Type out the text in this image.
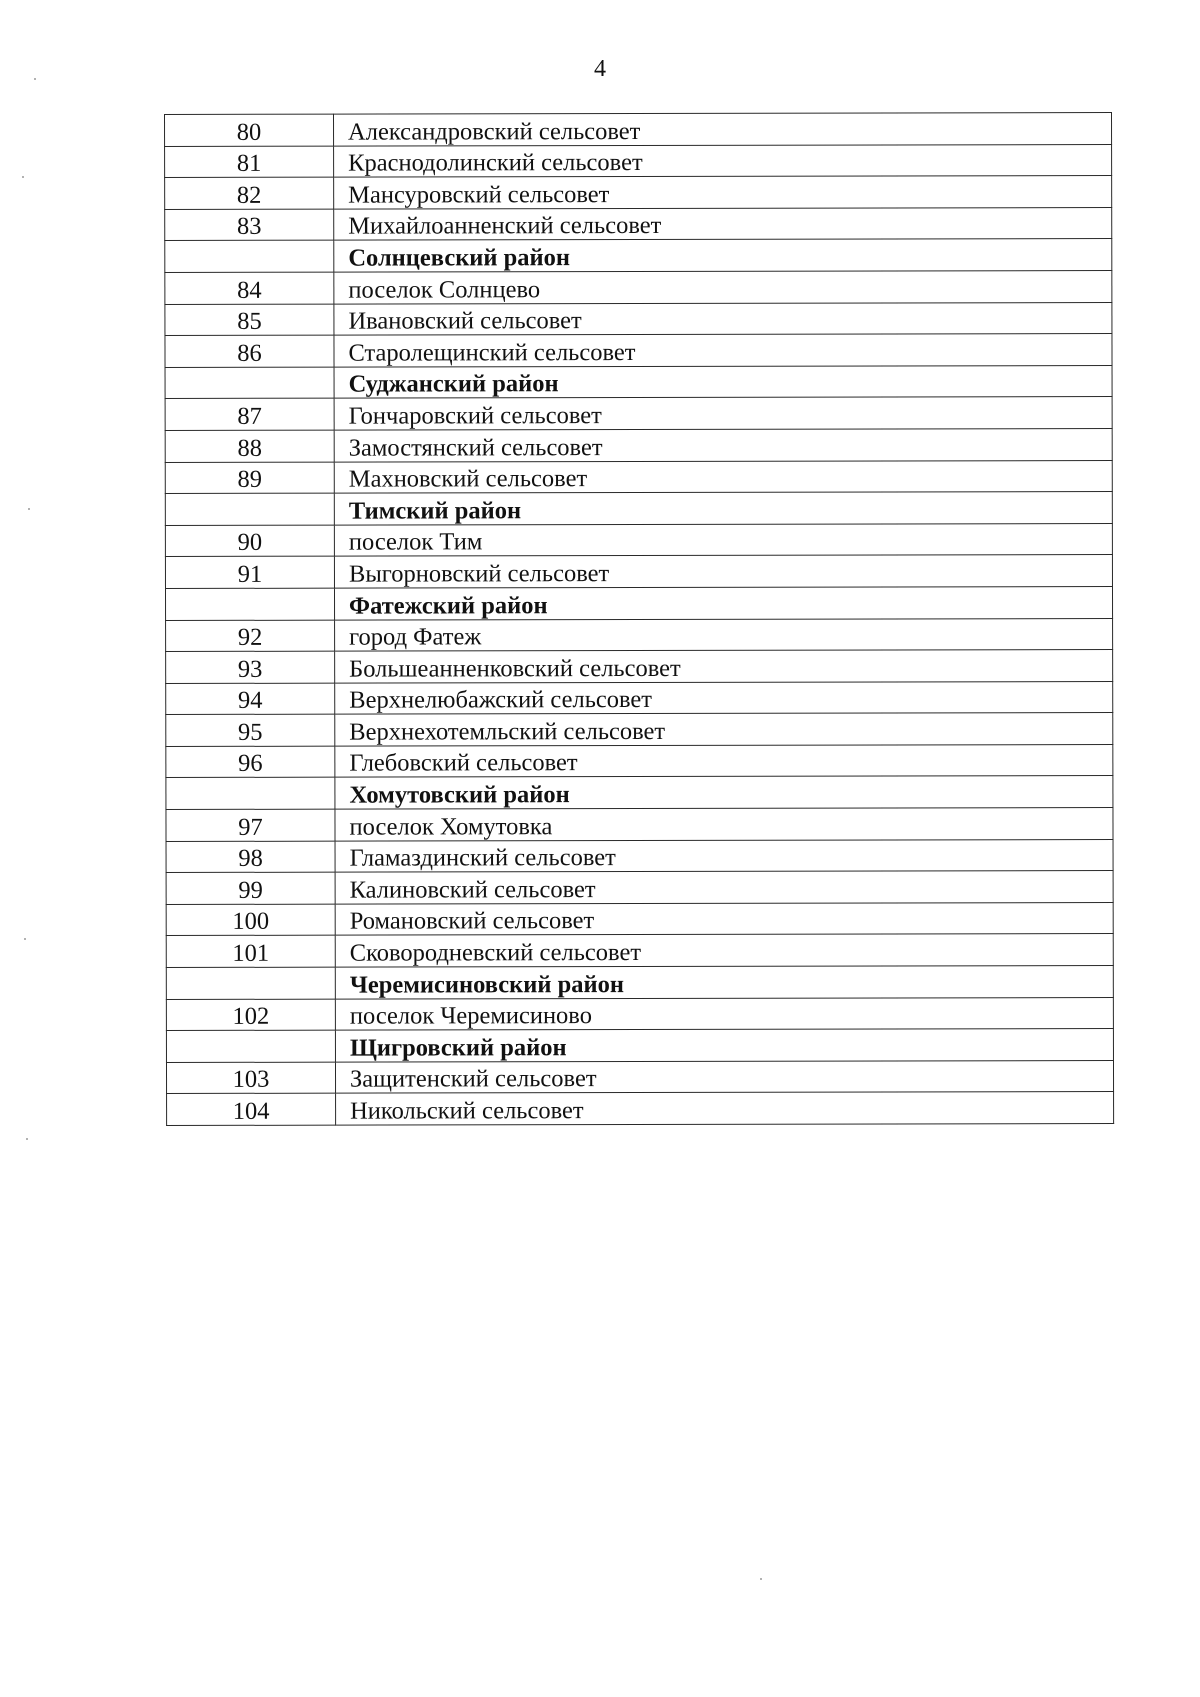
4
80	Александровский сельсовет
81	Краснодолинский сельсовет
82	Мансуровский сельсовет
83	Михайлоанненский сельсовет
	Солнцевский район
84	поселок Солнцево
85	Ивановский сельсовет
86	Старолещинский сельсовет
	Суджанский район
87	Гончаровский сельсовет
88	Замостянский сельсовет
89	Махновский сельсовет
	Тимский район
90	поселок Тим
91	Выгорновский сельсовет
	Фатежский район
92	город Фатеж
93	Большеанненковский сельсовет
94	Верхнелюбажский сельсовет
95	Верхнехотемльский сельсовет
96	Глебовский сельсовет
	Хомутовский район
97	поселок Хомутовка
98	Гламаздинский сельсовет
99	Калиновский сельсовет
100	Романовский сельсовет
101	Сковородневский сельсовет
	Черемисиновский район
102	поселок Черемисиново
	Щигровский район
103	Защитенский сельсовет
104	Никольский сельсовет
